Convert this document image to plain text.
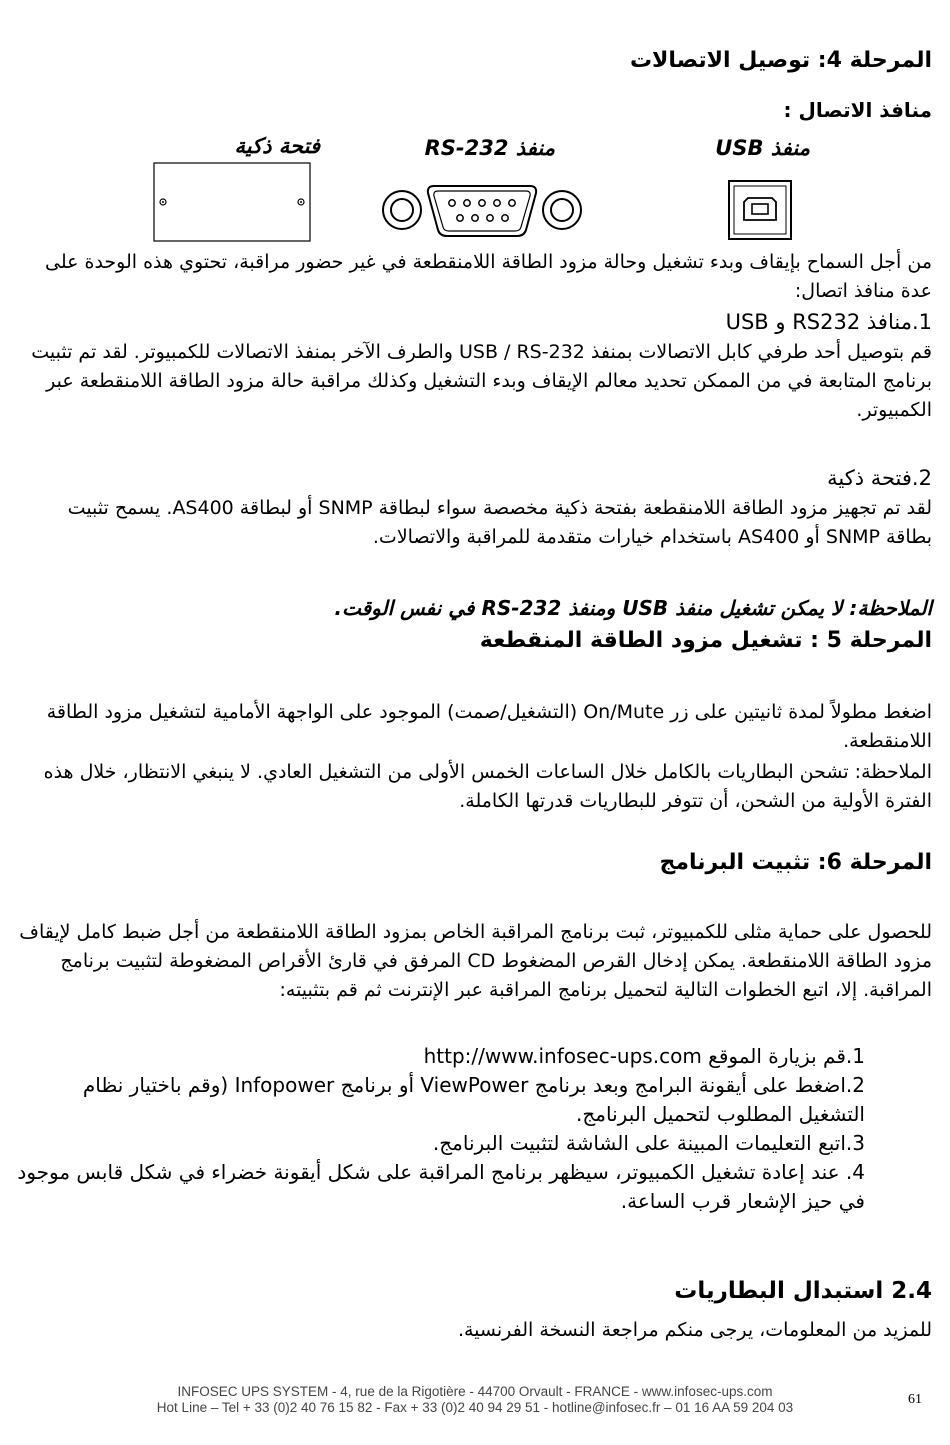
المرحلة 4: توصيل الاتصالات
منافذ الاتصال :
فتحة ذكية	منفذ RS-232	منفذ USB
من أجل السماح بإيقاف وبدء تشغيل وحالة مزود الطاقة اللامنقطعة في غير حضور مراقبة، تحتوي هذه الوحدة على عدة منافذ اتصال:
1.منافذ RS232 و USB
قم بتوصيل أحد طرفي كابل الاتصالات بمنفذ USB / RS-232 والطرف الآخر بمنفذ الاتصالات للكمبيوتر. لقد تم تثبيت برنامج المتابعة في من الممكن تحديد معالم الإيقاف وبدء التشغيل وكذلك مراقبة حالة مزود الطاقة اللامنقطعة عبر الكمبيوتر.
2.فتحة ذكية
لقد تم تجهيز مزود الطاقة اللامنقطعة بفتحة ذكية مخصصة سواء لبطاقة SNMP أو لبطاقة AS400. يسمح تثبيت بطاقة SNMP أو AS400 باستخدام خيارات متقدمة للمراقبة والاتصالات.
الملاحظة: لا يمكن تشغيل منفذ USB ومنفذ RS-232 في نفس الوقت.
المرحلة 5 : تشغيل مزود الطاقة المنقطعة
اضغط مطولاً لمدة ثانيتين على زر On/Mute (التشغيل/صمت) الموجود على الواجهة الأمامية لتشغيل مزود الطاقة اللامنقطعة.
الملاحظة: تشحن البطاريات بالكامل خلال الساعات الخمس الأولى من التشغيل العادي. لا ينبغي الانتظار، خلال هذه الفترة الأولية من الشحن، أن تتوفر للبطاريات قدرتها الكاملة.
المرحلة 6: تثبيت البرنامج
للحصول على حماية مثلى للكمبيوتر، ثبت برنامج المراقبة الخاص بمزود الطاقة اللامنقطعة من أجل ضبط كامل لإيقاف مزود الطاقة اللامنقطعة. يمكن إدخال القرص المضغوط CD المرفق في قارئ الأقراص المضغوطة لتثبيت برنامج المراقبة. إلا، اتبع الخطوات التالية لتحميل برنامج المراقبة عبر الإنترنت ثم قم بتثبيته:
1.قم بزيارة الموقع http://www.infosec-ups.com
2.اضغط على أيقونة البرامج وبعد برنامج ViewPower أو برنامج Infopower (وقم باختيار نظام التشغيل المطلوب لتحميل البرنامج.
3.اتبع التعليمات المبينة على الشاشة لتثبيت البرنامج.
4. عند إعادة تشغيل الكمبيوتر، سيظهر برنامج المراقبة على شكل أيقونة خضراء في شكل قابس موجود في حيز الإشعار قرب الساعة.
2.4 استبدال البطاريات
للمزيد من المعلومات، يرجى منكم مراجعة النسخة الفرنسية.
INFOSEC UPS SYSTEM - 4, rue de la Rigotière - 44700 Orvault - FRANCE - www.infosec-ups.com
Hot Line – Tel + 33 (0)2 40 76 15 82 - Fax + 33 (0)2 40 94 29 51 - hotline@infosec.fr – 01 16 AA 59 204 03
61
